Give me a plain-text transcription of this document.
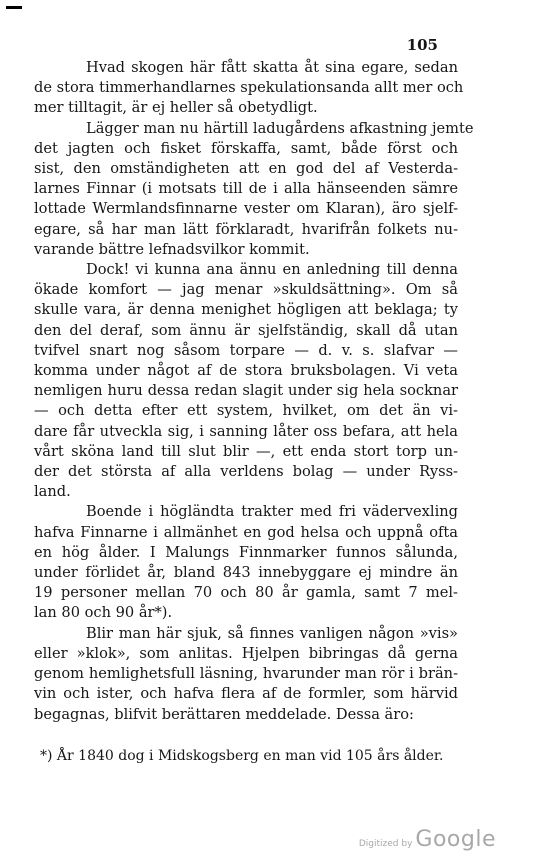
105
Hvad skogen här fått skatta åt sina egare, sedan
de stora timmerhandlarnes spekulationsanda allt mer och
mer tilltagit, är ej heller så obetydligt.
Lägger man nu härtill ladugårdens afkastning jemte
det jagten och fisket förskaffa, samt, både först och
sist, den omständigheten att en god del af Vesterda-
larnes Finnar (i motsats till de i alla hänseenden sämre
lottade Wermlandsfinnarne vester om Klaran), äro sjelf-
egare, så har man lätt förklaradt, hvarifrån folkets nu-
varande bättre lefnadsvilkor kommit.
Dock! vi kunna ana ännu en anledning till denna
ökade komfort — jag menar »skuldsättning». Om så
skulle vara, är denna menighet högligen att beklaga; ty
den del deraf, som ännu är sjelfständig, skall då utan
tvifvel snart nog såsom torpare — d. v. s. slafvar —
komma under något af de stora bruksbolagen. Vi veta
nemligen huru dessa redan slagit under sig hela socknar
— och detta efter ett system, hvilket, om det än vi-
dare får utveckla sig, i sanning låter oss befara, att hela
vårt sköna land till slut blir —, ett enda stort torp un-
der det största af alla verldens bolag — under Ryss-
land.
Boende i högländta trakter med fri vädervexling
hafva Finnarne i allmänhet en god helsa och uppnå ofta
en hög ålder. I Malungs Finnmarker funnos sålunda,
under förlidet år, bland 843 innebyggare ej mindre än
19 personer mellan 70 och 80 år gamla, samt 7 mel-
lan 80 och 90 år*).
Blir man här sjuk, så finnes vanligen någon »vis»
eller »klok», som anlitas. Hjelpen bibringas då gerna
genom hemlighetsfull läsning, hvarunder man rör i brän-
vin och ister, och hafva flera af de formler, som härvid
begagnas, blifvit berättaren meddelade. Dessa äro:
*) År 1840 dog i Midskogsberg en man vid 105 års ålder.
Digitized by Google
